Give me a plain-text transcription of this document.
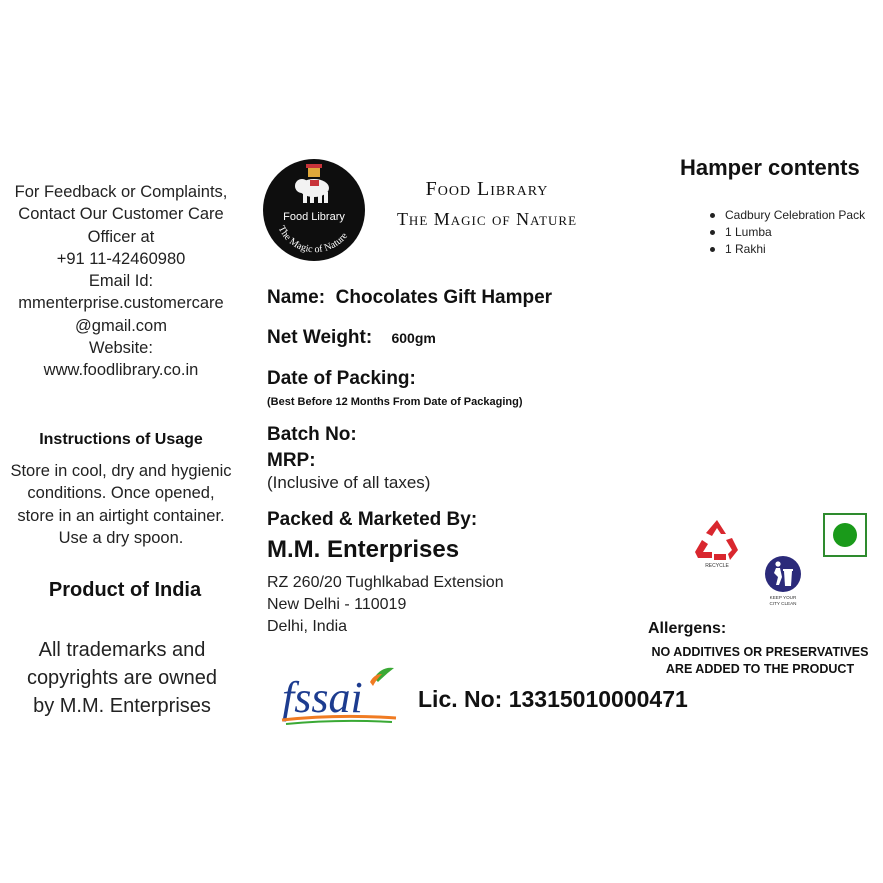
For Feedback or Complaints,
Contact Our Customer Care
Officer at
+91 11-42460980
Email Id:
mmenterprise.customercare
@gmail.com
Website:
www.foodlibrary.co.in
Instructions of Usage
Store in cool, dry and hygienic
conditions. Once opened,
store in an airtight container.
Use a dry spoon.
Product of India
All trademarks and
copyrights are owned
by M.M. Enterprises
Food Library
The Magic of Nature
Food Library
The Magic of Nature
Name: Chocolates Gift Hamper
Net Weight: 600gm
Date of Packing:
(Best Before 12 Months From Date of Packaging)
Batch No:
MRP:
(Inclusive of all taxes)
Packed & Marketed By:
M.M. Enterprises
RZ 260/20 Tughlkabad Extension
New Delhi - 110019
Delhi, India
fssai Lic. No: 13315010000471
Hamper contents
Cadbury Celebration Pack
1 Lumba
1 Rakhi
RECYCLE
KEEP YOUR
CITY CLEAN
Allergens:
NO ADDITIVES OR PRESERVATIVES
ARE ADDED TO THE PRODUCT
